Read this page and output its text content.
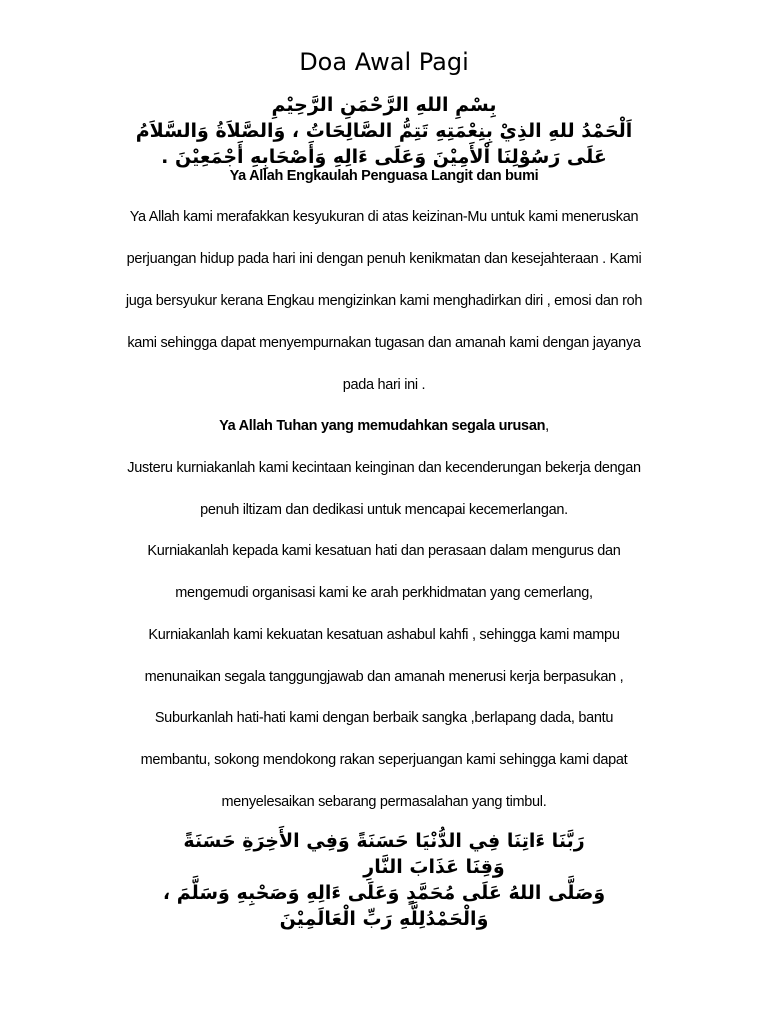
Doa Awal Pagi
بِسْمِ اللهِ الرَّحْمَنِ الرَّحِيْمِ
اَلْحَمْدُ للهِ الذِيْ بِنِعْمَتِهِ تَتِمُّ الصَّالِحَاتُ ، وَالصَّلاَةُ وَالسَّلاَمُ
عَلَى رَسُوْلِنَا اْلأَمِيْنَ وَعَلَى ءَالِهِ وَأَصْحَابِهِ أَجْمَعِيْنَ .
Ya Allah Engkaulah Penguasa Langit dan bumi
Ya Allah kami merafakkan kesyukuran di atas keizinan-Mu untuk kami meneruskan
perjuangan hidup pada hari ini dengan penuh kenikmatan dan kesejahteraan . Kami
juga bersyukur kerana Engkau mengizinkan kami menghadirkan diri , emosi dan roh
kami sehingga dapat menyempurnakan tugasan dan amanah kami dengan jayanya
pada hari ini .
Ya Allah Tuhan yang memudahkan segala urusan,
Justeru kurniakanlah kami kecintaan keinginan dan kecenderungan bekerja dengan
penuh iltizam dan dedikasi untuk mencapai kecemerlangan.
Kurniakanlah kepada kami kesatuan hati dan perasaan dalam mengurus dan
mengemudi organisasi kami ke arah perkhidmatan yang cemerlang,
Kurniakanlah kami kekuatan kesatuan ashabul kahfi , sehingga kami mampu
menunaikan segala tanggungjawab dan amanah menerusi kerja berpasukan ,
Suburkanlah hati-hati kami dengan berbaik sangka ,berlapang dada, bantu
membantu, sokong mendokong rakan seperjuangan kami sehingga kami dapat
menyelesaikan sebarang permasalahan yang timbul.
رَبَّنَا ءَاتِنَا فِي الدُّنْيَا حَسَنَةً وَفِي الأَخِرَةِ حَسَنَةً
وَقِنَا عَذَابَ النَّارِ
وَصَلَّى اللهُ عَلَى مُحَمَّدٍ وَعَلَى ءَالِهِ وَصَحْبِهِ وَسَلَّمَ ،
وَالْحَمْدُلِلَّهِ رَبِّ الْعَالَمِيْنَ
